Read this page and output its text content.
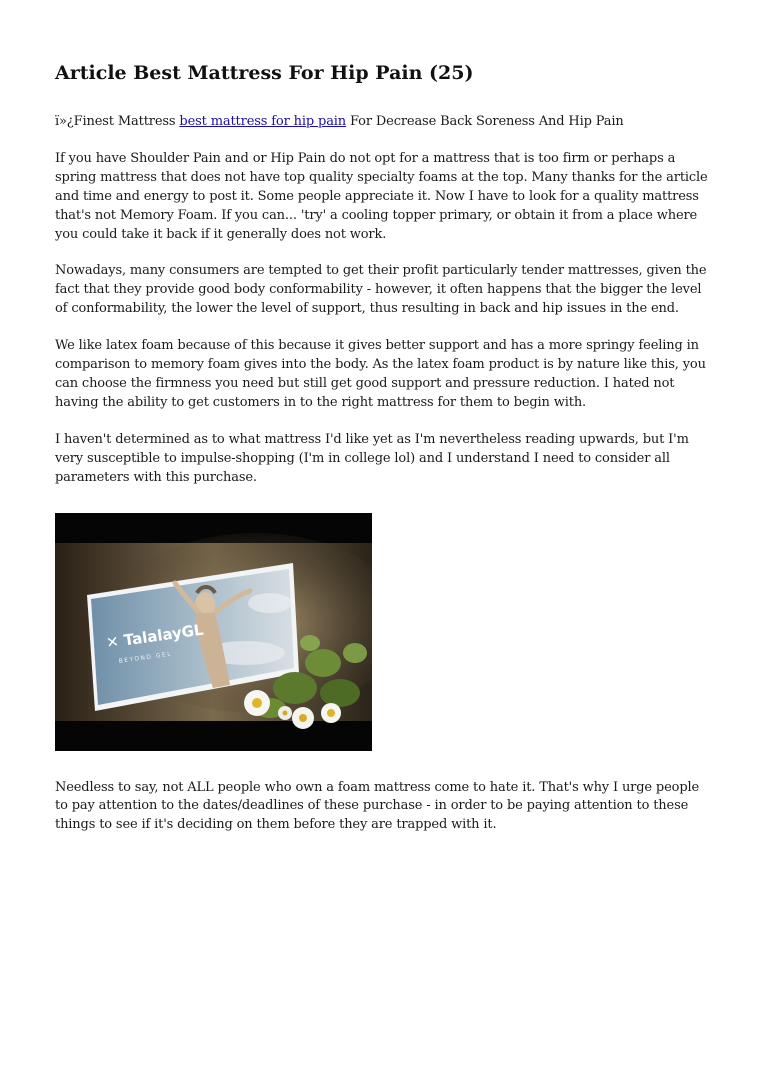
Article Best Mattress For Hip Pain (25)

ï»¿Finest Mattress best mattress for hip pain For Decrease Back Soreness And Hip Pain

If you have Shoulder Pain and or Hip Pain do not opt for a mattress that is too firm or perhaps a spring mattress that does not have top quality specialty foams at the top. Many thanks for the article and time and energy to post it. Some people appreciate it. Now I have to look for a quality mattress that's not Memory Foam. If you can... 'try' a cooling topper primary, or obtain it from a place where you could take it back if it generally does not work.

Nowadays, many consumers are tempted to get their profit particularly tender mattresses, given the fact that they provide good body conformability - however, it often happens that the bigger the level of conformability, the lower the level of support, thus resulting in back and hip issues in the end.

We like latex foam because of this because it gives better support and has a more springy feeling in comparison to memory foam gives into the body. As the latex foam product is by nature like this, you can choose the firmness you need but still get good support and pressure reduction. I hated not having the ability to get customers in to the right mattress for them to begin with.

I haven't determined as to what mattress I'd like yet as I'm nevertheless reading upwards, but I'm very susceptible to impulse-shopping (I'm in college lol) and I understand I need to consider all parameters with this purchase.

✕ TalalayGL
BEYOND GEL

Needless to say, not ALL people who own a foam mattress come to hate it. That's why I urge people to pay attention to the dates/deadlines of these purchase - in order to be paying attention to these things to see if it's deciding on them before they are trapped with it.
